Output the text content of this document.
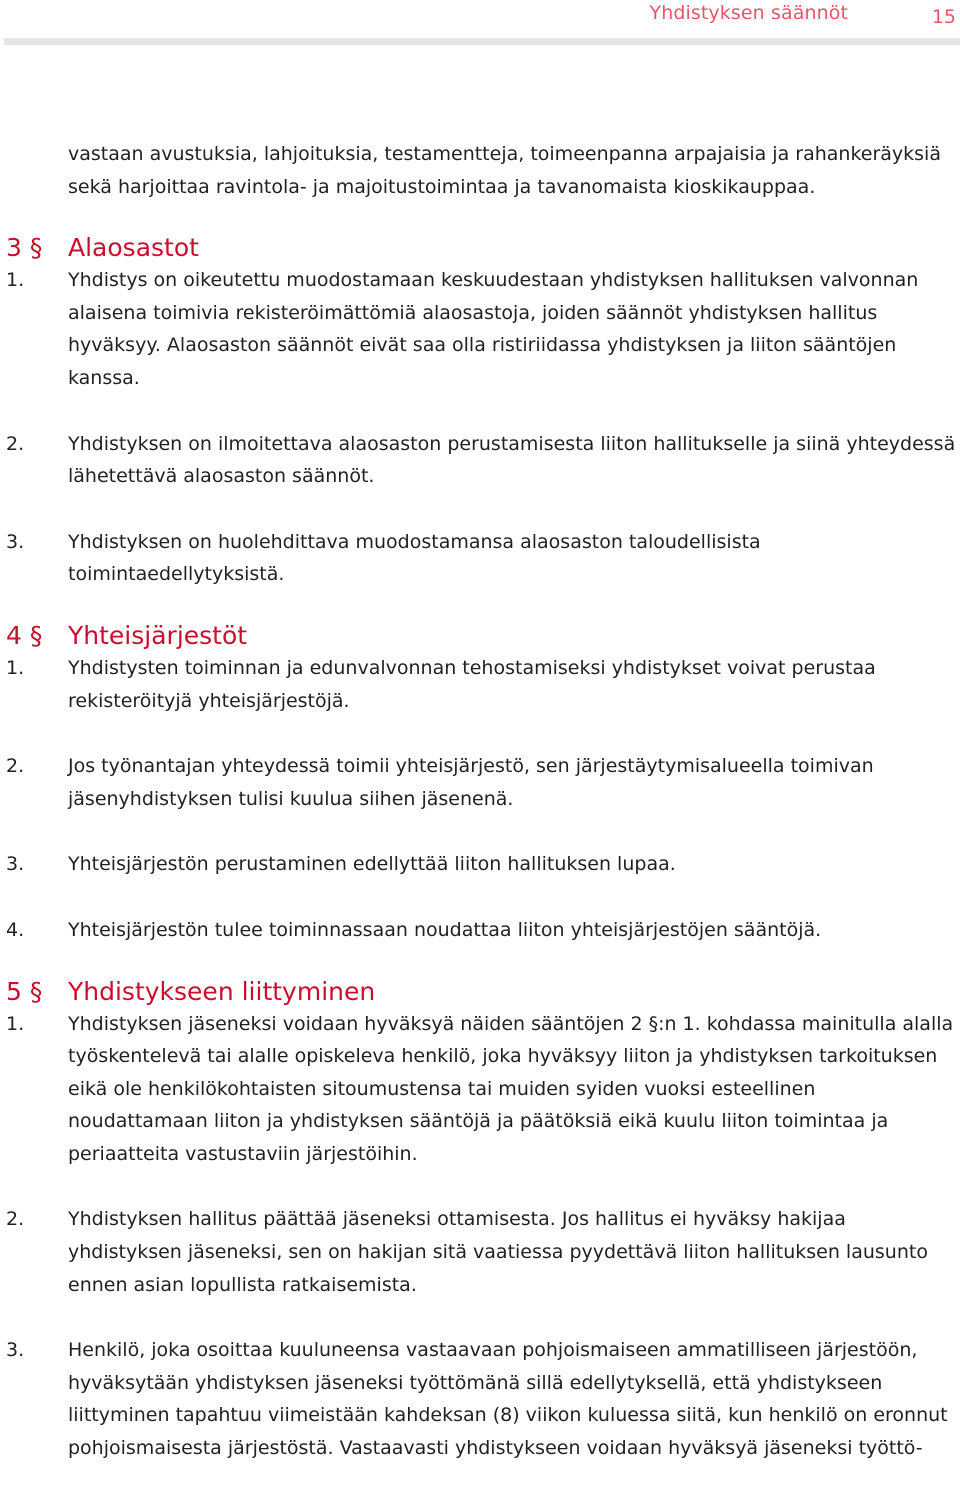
Yhdistyksen säännöt	15

vastaan avustuksia, lahjoituksia, testamentteja, toimeenpanna arpajaisia ja rahankeräyksiä sekä harjoittaa ravintola- ja majoitustoimintaa ja tavanomaista kioskikauppaa.

3 §	Alaosastot
1.	Yhdistys on oikeutettu muodostamaan keskuudestaan yhdistyksen hallituksen valvonnan alaisena toimivia rekisteröimättömiä alaosastoja, joiden säännöt yhdistyksen hallitus hyväksyy. Alaosaston säännöt eivät saa olla ristiriidassa yhdistyksen ja liiton sääntöjen kanssa.
2.	Yhdistyksen on ilmoitettava alaosaston perustamisesta liiton hallitukselle ja siinä yhteydessä lähetettävä alaosaston säännöt.
3.	Yhdistyksen on huolehdittava muodostamansa alaosaston taloudellisista toimintaedellytyksistä.
4 §	Yhteisjärjestöt
1.	Yhdistysten toiminnan ja edunvalvonnan tehostamiseksi yhdistykset voivat perustaa rekisteröityjä yhteisjärjestöjä.
2.	Jos työnantajan yhteydessä toimii yhteisjärjestö, sen järjestäytymisalueella toimivan jäsenyhdistyksen tulisi kuulua siihen jäsenenä.
3.	Yhteisjärjestön perustaminen edellyttää liiton hallituksen lupaa.
4.	Yhteisjärjestön tulee toiminnassaan noudattaa liiton yhteisjärjestöjen sääntöjä.
5 §	Yhdistykseen liittyminen
1.	Yhdistyksen jäseneksi voidaan hyväksyä näiden sääntöjen 2 §:n 1. kohdassa mainitulla alalla työskentelevä tai alalle opiskeleva henkilö, joka hyväksyy liiton ja yhdistyksen tarkoituksen eikä ole henkilökohtaisten sitoumustensa tai muiden syiden vuoksi esteellinen noudattamaan liiton ja yhdistyksen sääntöjä ja päätöksiä eikä kuulu liiton toimintaa ja periaatteita vastustaviin järjestöihin.
2.	Yhdistyksen hallitus päättää jäseneksi ottamisesta. Jos hallitus ei hyväksy hakijaa yhdistyksen jäseneksi, sen on hakijan sitä vaatiessa pyydettävä liiton hallituksen lausunto ennen asian lopullista ratkaisemista.
3.	Henkilö, joka osoittaa kuuluneensa vastaavaan pohjoismaiseen ammatilliseen järjestöön, hyväksytään yhdistyksen jäseneksi työttömänä sillä edellytyksellä, että yhdistykseen liittyminen tapahtuu viimeistään kahdeksan (8) viikon kuluessa siitä, kun henkilö on eronnut pohjoismaisesta järjestöstä. Vastaavasti yhdistykseen voidaan hyväksyä jäseneksi työttö-
